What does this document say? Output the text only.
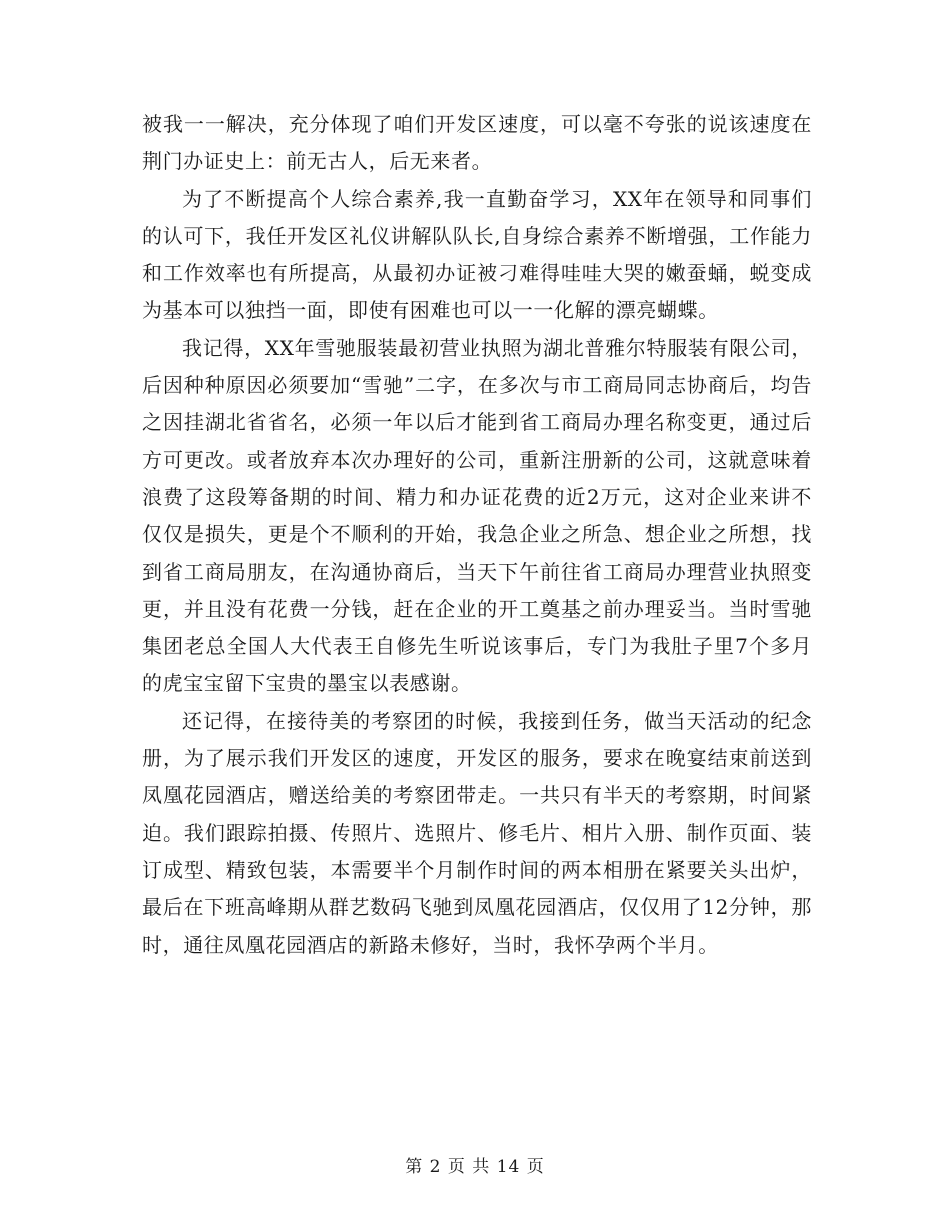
被我一一解决，充分体现了咱们开发区速度，可以毫不夸张的说该速度在荆门办证史上：前无古人，后无来者。

为了不断提高个人综合素养,我一直勤奋学习，XX年在领导和同事们的认可下，我任开发区礼仪讲解队队长,自身综合素养不断增强，工作能力和工作效率也有所提高，从最初办证被刁难得哇哇大哭的嫩蚕蛹，蜕变成为基本可以独挡一面，即使有困难也可以一一化解的漂亮蝴蝶。

我记得，XX年雪驰服装最初营业执照为湖北普雅尔特服装有限公司，后因种种原因必须要加“雪驰”二字，在多次与市工商局同志协商后，均告之因挂湖北省省名，必须一年以后才能到省工商局办理名称变更，通过后方可更改。或者放弃本次办理好的公司，重新注册新的公司，这就意味着浪费了这段筹备期的时间、精力和办证花费的近2万元，这对企业来讲不仅仅是损失，更是个不顺利的开始，我急企业之所急、想企业之所想，找到省工商局朋友，在沟通协商后，当天下午前往省工商局办理营业执照变更，并且没有花费一分钱，赶在企业的开工奠基之前办理妥当。当时雪驰集团老总全国人大代表王自修先生听说该事后，专门为我肚子里7个多月的虎宝宝留下宝贵的墨宝以表感谢。

还记得，在接待美的考察团的时候，我接到任务，做当天活动的纪念册，为了展示我们开发区的速度，开发区的服务，要求在晚宴结束前送到凤凰花园酒店，赠送给美的考察团带走。一共只有半天的考察期，时间紧迫。我们跟踪拍摄、传照片、选照片、修毛片、相片入册、制作页面、装订成型、精致包装，本需要半个月制作时间的两本相册在紧要关头出炉，最后在下班高峰期从群艺数码飞驰到凤凰花园酒店，仅仅用了12分钟，那时，通往凤凰花园酒店的新路未修好，当时，我怀孕两个半月。

第 2 页 共 14 页
